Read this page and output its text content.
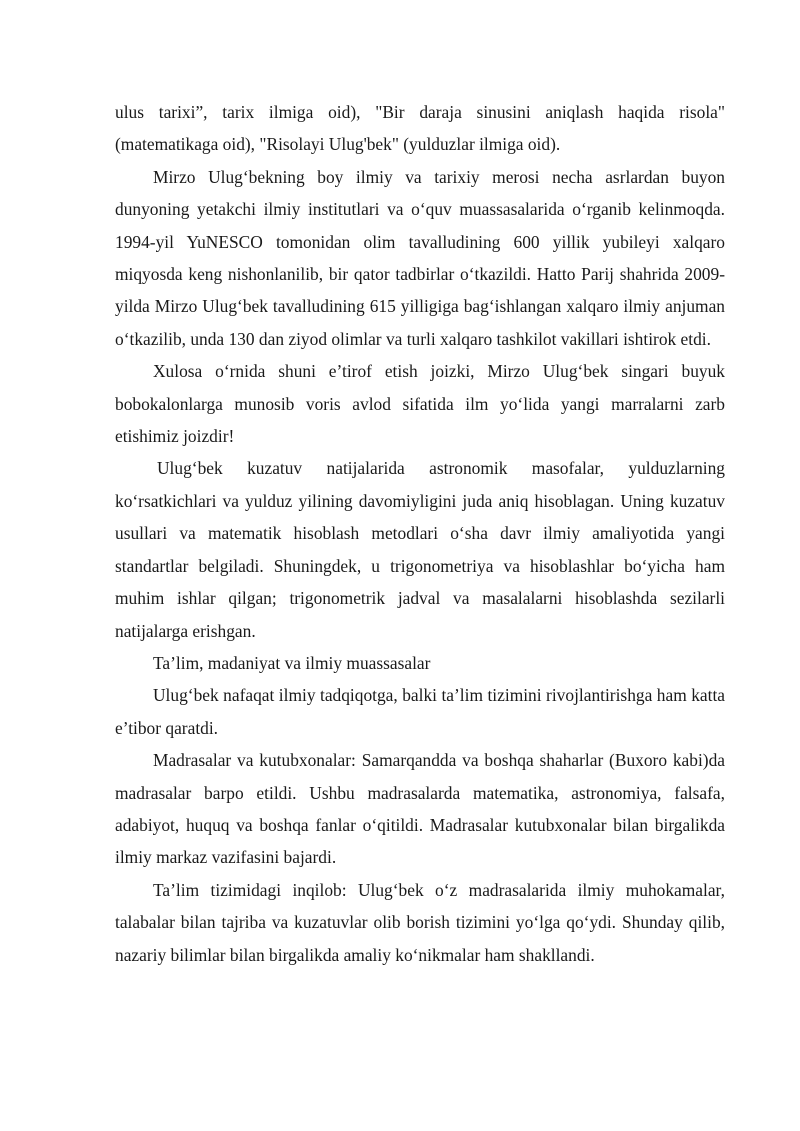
ulus tarixi”, tarix ilmiga oid), "Bir daraja sinusini aniqlash haqida risola" (matematikaga oid), "Risolayi Ulug'bek" (yulduzlar ilmiga oid).

Mirzo Ulug‘bekning boy ilmiy va tarixiy merosi necha asrlardan buyon dunyoning yetakchi ilmiy institutlari va o‘quv muassasalarida o‘rganib kelinmoqda. 1994-yil YuNESCO tomonidan olim tavalludining 600 yillik yubileyi xalqaro miqyosda keng nishonlanilib, bir qator tadbirlar o‘tkazildi. Hatto Parij shahrida 2009-yilda Mirzo Ulug‘bek tavalludining 615 yilligiga bag‘ishlangan xalqaro ilmiy anjuman o‘tkazilib, unda 130 dan ziyod olimlar va turli xalqaro tashkilot vakillari ishtirok etdi.

Xulosa o‘rnida shuni e’tirof etish joizki, Mirzo Ulug‘bek singari buyuk bobokalonlarga munosib voris avlod sifatida ilm yo‘lida yangi marralarni zarb etishimiz joizdir!

Ulug‘bek kuzatuv natijalarida astronomik masofalar, yulduzlarning ko‘rsatkichlari va yulduz yilining davomiyligini juda aniq hisoblagan. Uning kuzatuv usullari va matematik hisoblash metodlari o‘sha davr ilmiy amaliyotida yangi standartlar belgiladi. Shuningdek, u trigonometriya va hisoblashlar bo‘yicha ham muhim ishlar qilgan; trigonometrik jadval va masalalarni hisoblashda sezilarli natijalarga erishgan.

Ta’lim, madaniyat va ilmiy muassasalar

Ulug‘bek nafaqat ilmiy tadqiqotga, balki ta’lim tizimini rivojlantirishga ham katta e’tibor qaratdi.

Madrasalar va kutubxonalar: Samarqandda va boshqa shaharlar (Buxoro kabi)da madrasalar barpo etildi. Ushbu madrasalarda matematika, astronomiya, falsafa, adabiyot, huquq va boshqa fanlar o‘qitildi. Madrasalar kutubxonalar bilan birgalikda ilmiy markaz vazifasini bajardi.

Ta’lim tizimidagi inqilob: Ulug‘bek o‘z madrasalarida ilmiy muhokamalar, talabalar bilan tajriba va kuzatuvlar olib borish tizimini yo‘lga qo‘ydi. Shunday qilib, nazariy bilimlar bilan birgalikda amaliy ko‘nikmalar ham shakllandi.
